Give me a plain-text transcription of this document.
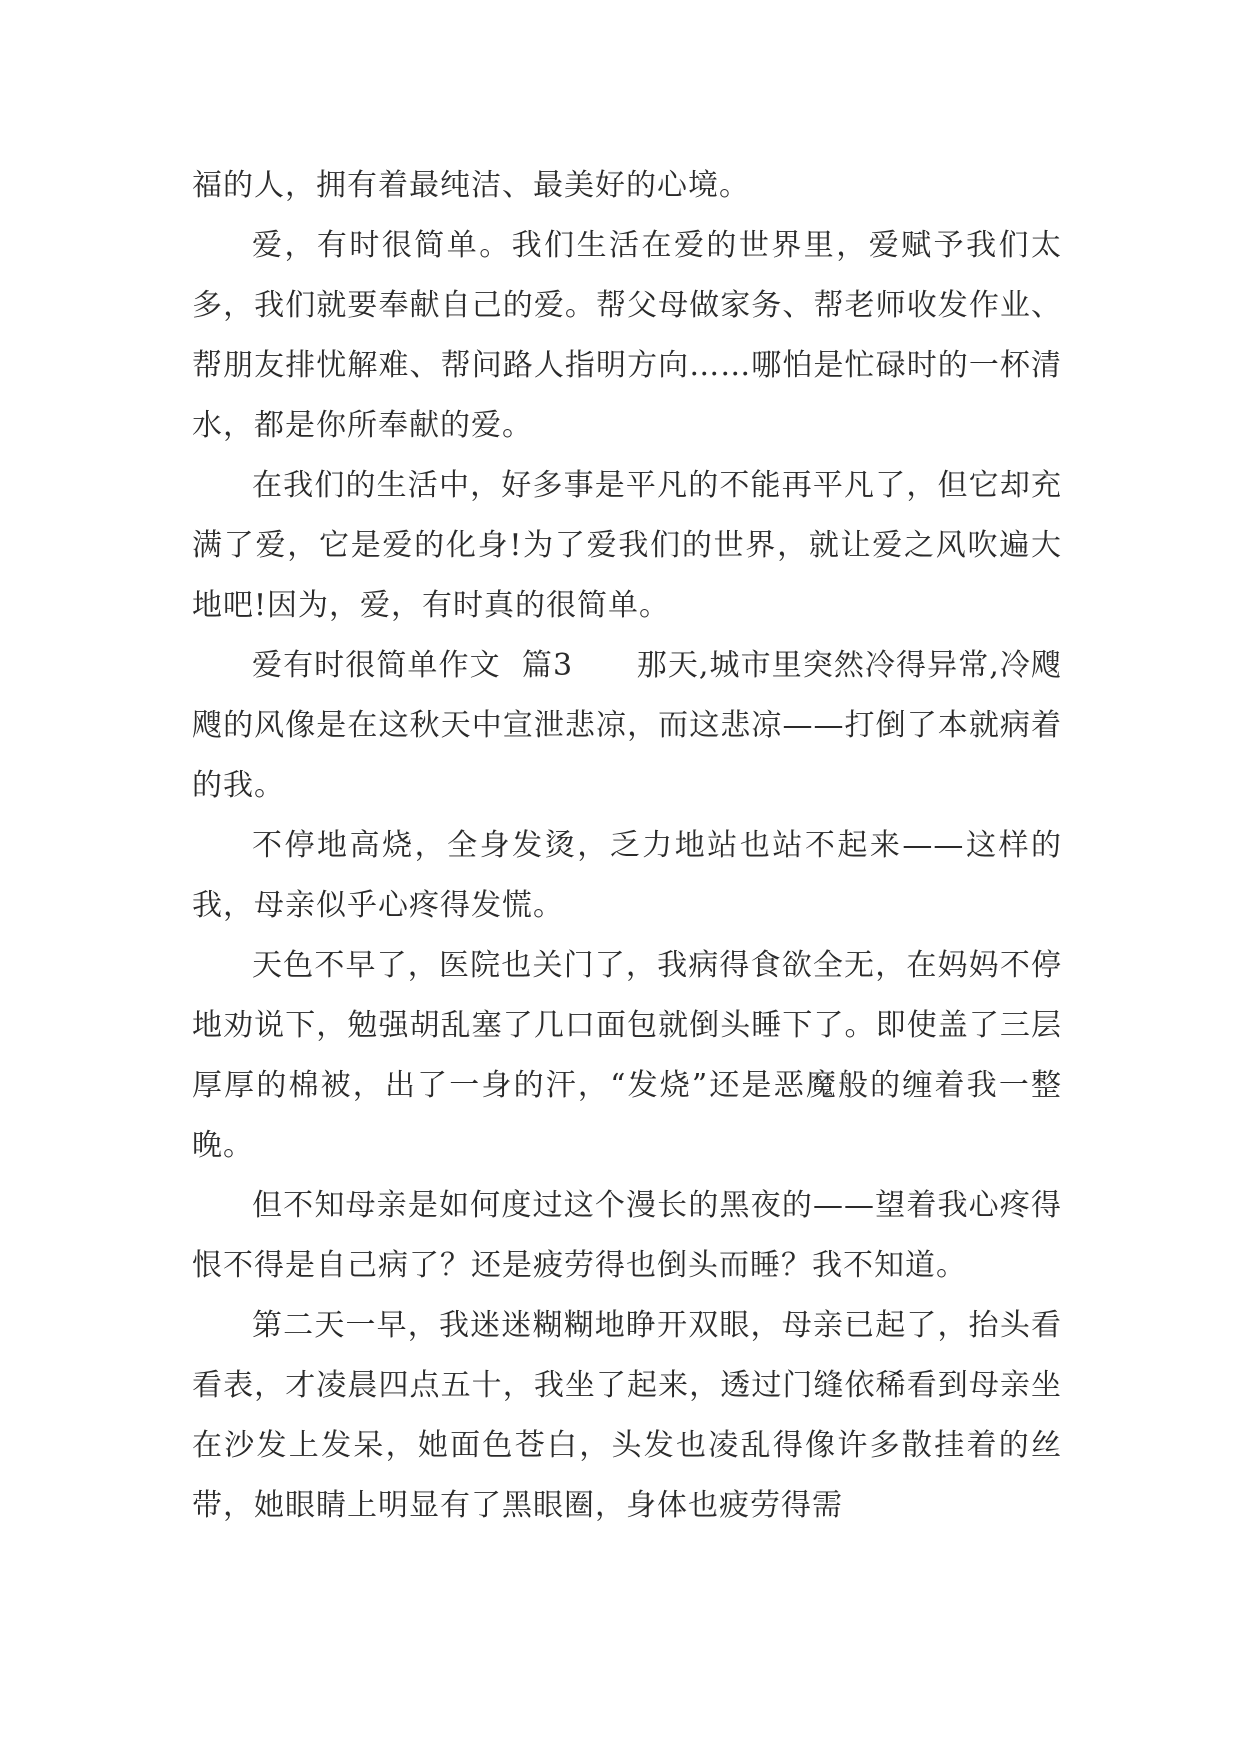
福的人，拥有着最纯洁、最美好的心境。

爱，有时很简单。我们生活在爱的世界里，爱赋予我们太多，我们就要奉献自己的爱。帮父母做家务、帮老师收发作业、帮朋友排忧解难、帮问路人指明方向……哪怕是忙碌时的一杯清水，都是你所奉献的爱。

在我们的生活中，好多事是平凡的不能再平凡了，但它却充满了爱，它是爱的化身!为了爱我们的世界，就让爱之风吹遍大地吧!因为，爱，有时真的很简单。

爱有时很简单作文  篇3      那天,城市里突然冷得异常,冷飕飕的风像是在这秋天中宣泄悲凉，而这悲凉——打倒了本就病着的我。

不停地高烧，全身发烫，乏力地站也站不起来——这样的我，母亲似乎心疼得发慌。

天色不早了，医院也关门了，我病得食欲全无，在妈妈不停地劝说下，勉强胡乱塞了几口面包就倒头睡下了。即使盖了三层厚厚的棉被，出了一身的汗，“发烧”还是恶魔般的缠着我一整晚。

但不知母亲是如何度过这个漫长的黑夜的——望着我心疼得恨不得是自己病了？还是疲劳得也倒头而睡？我不知道。

第二天一早，我迷迷糊糊地睁开双眼，母亲已起了，抬头看看表，才凌晨四点五十，我坐了起来，透过门缝依稀看到母亲坐在沙发上发呆，她面色苍白，头发也凌乱得像许多散挂着的丝带，她眼睛上明显有了黑眼圈，身体也疲劳得需
